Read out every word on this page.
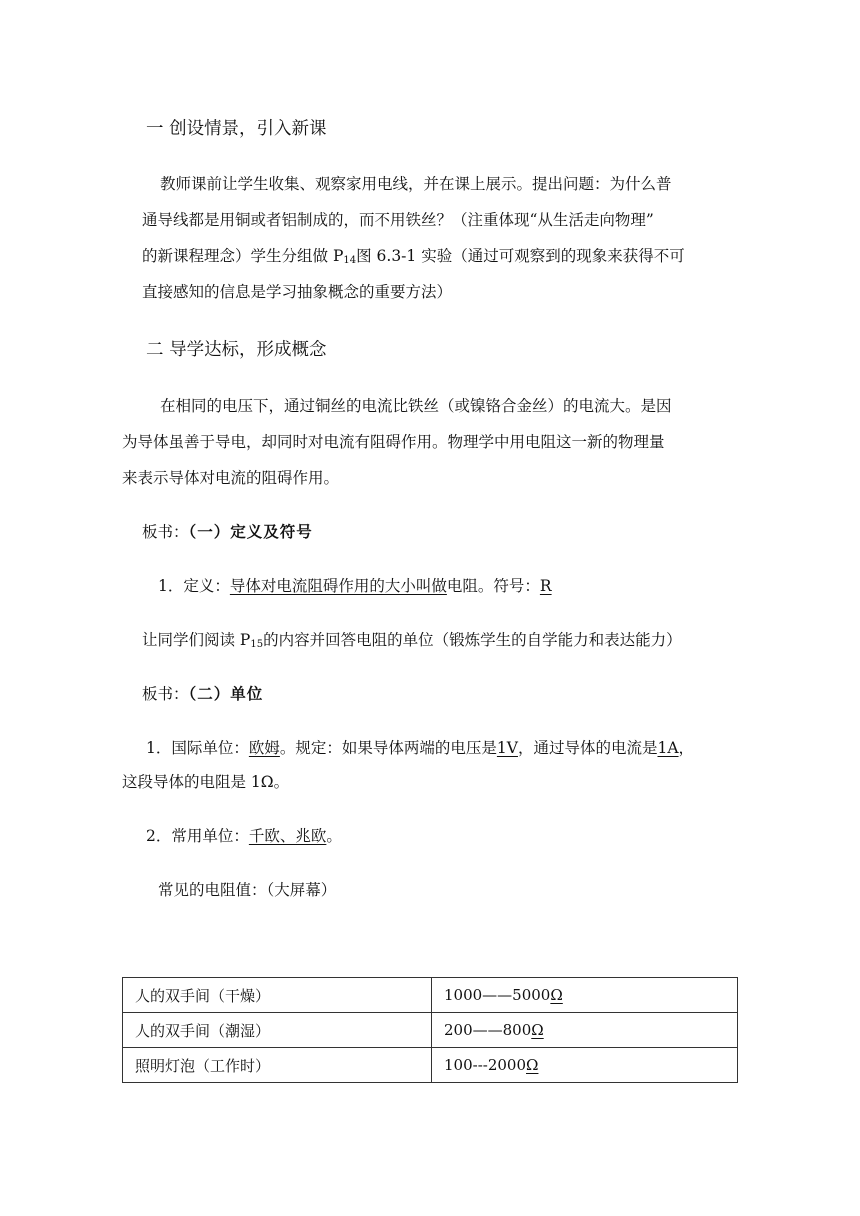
一 创设情景，引入新课
教师课前让学生收集、观察家用电线，并在课上展示。提出问题：为什么普
通导线都是用铜或者铝制成的，而不用铁丝？（注重体现“从生活走向物理”
的新课程理念）学生分组做 $P_{14}$图 6.3-1 实验（通过可观察到的现象来获得不可
直接感知的信息是学习抽象概念的重要方法）
二 导学达标，形成概念
在相同的电压下，通过铜丝的电流比铁丝（或镍铬合金丝）的电流大。是因
为导体虽善于导电，却同时对电流有阻碍作用。物理学中用电阻这一新的物理量
来表示导体对电流的阻碍作用。
板书：（一）定义及符号
1．定义：导体对电流阻碍作用的大小叫做电阻。符号：R
让同学们阅读 $P_{15}$的内容并回答电阻的单位（锻炼学生的自学能力和表达能力）
板书：（二）单位
1．国际单位：欧姆。规定：如果导体两端的电压是1V，通过导体的电流是1A，
这段导体的电阻是 1Ω。
2．常用单位：千欧、兆欧。
常见的电阻值：（大屏幕）
人的双手间（干燥）	1000——5000Ω
人的双手间（潮湿）	200——800Ω
照明灯泡（工作时）	100---2000Ω
